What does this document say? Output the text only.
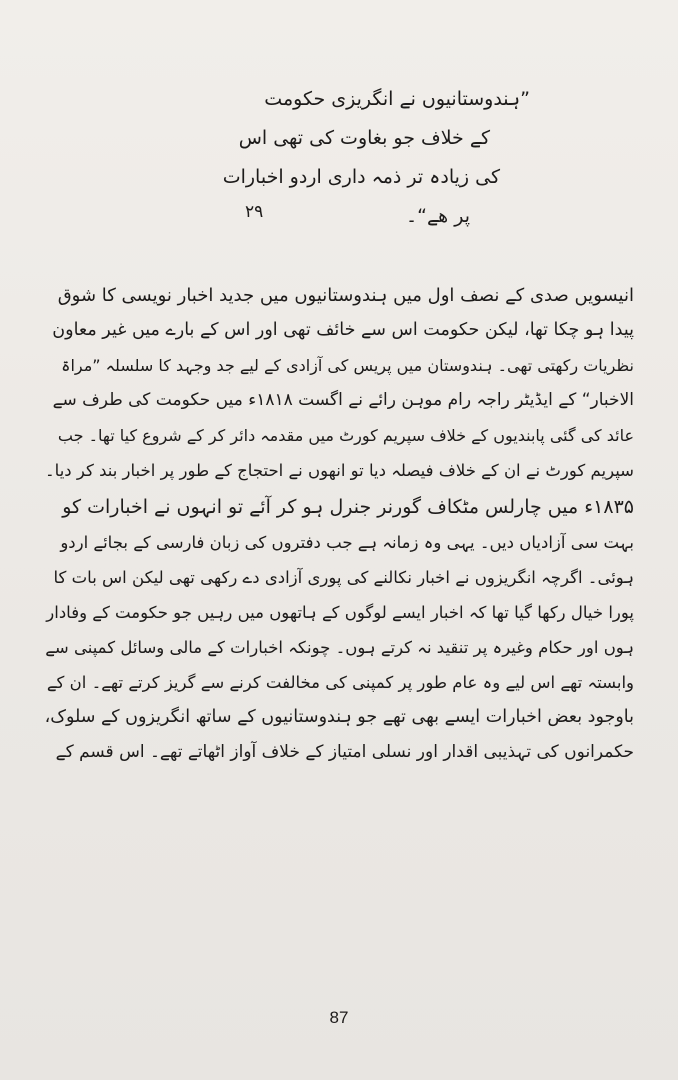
”ہندوستانیوں نے انگریزی حکومت
کے خلاف جو بغاوت کی تھی اس
کی زیادہ تر ذمہ داری اردو اخبارات
پر ھے“۔
۲۹
انیسویں صدی کے نصف اول میں ہندوستانیوں میں جدید اخبار نویسی کا شوق
پیدا ہو چکا تھا، لیکن حکومت اس سے خائف تھی اور اس کے بارے میں غیر معاون
نظریات رکھتی تھی۔ ہندوستان میں پریس کی آزادی کے لیے جد وجہد کا سلسلہ ”مراۃ
الاخبار“ کے ایڈیٹر راجہ رام موہن رائے نے اگست ۱۸۱۸ء میں حکومت کی طرف سے
عائد کی گئی پابندیوں کے خلاف سپریم کورٹ میں مقدمہ دائر کر کے شروع کیا تھا۔ جب
سپریم کورٹ نے ان کے خلاف فیصلہ دیا تو انھوں نے احتجاج کے طور پر اخبار بند کر دیا۔
۱۸۳۵ء میں چارلس مٹکاف گورنر جنرل ہو کر آئے تو انہوں نے اخبارات کو
بہت سی آزادیاں دیں۔ یہی وہ زمانہ ہے جب دفتروں کی زبان فارسی کے بجائے اردو
ہوئی۔ اگرچہ انگریزوں نے اخبار نکالنے کی پوری آزادی دے رکھی تھی لیکن اس بات کا
پورا خیال رکھا گیا تھا کہ اخبار ایسے لوگوں کے ہاتھوں میں رہیں جو حکومت کے وفادار
ہوں اور حکام وغیرہ پر تنقید نہ کرتے ہوں۔ چونکہ اخبارات کے مالی وسائل کمپنی سے
وابستہ تھے اس لیے وہ عام طور پر کمپنی کی مخالفت کرنے سے گریز کرتے تھے۔ ان کے
باوجود بعض اخبارات ایسے بھی تھے جو ہندوستانیوں کے ساتھ انگریزوں کے سلوک،
حکمرانوں کی تہذیبی اقدار اور نسلی امتیاز کے خلاف آواز اٹھاتے تھے۔ اس قسم کے
87
